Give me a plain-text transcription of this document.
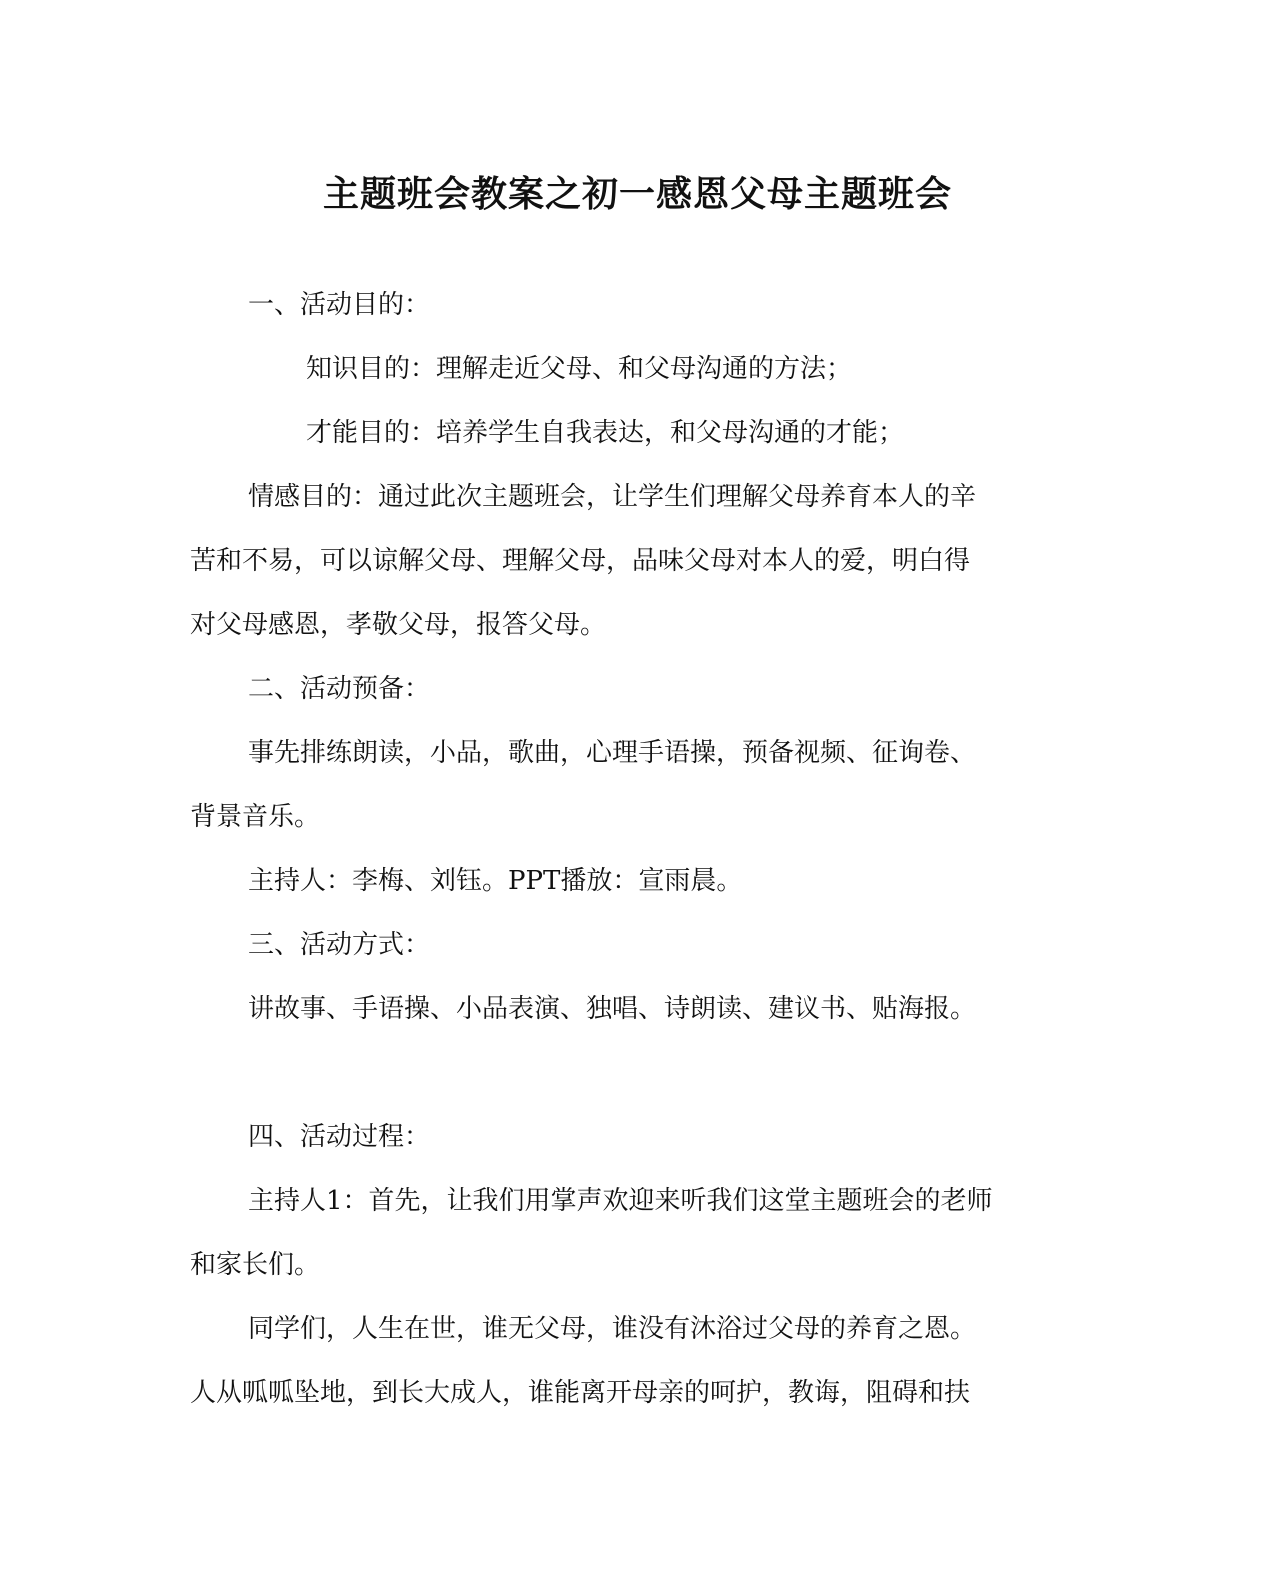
主题班会教案之初一感恩父母主题班会
一、活动目的：
知识目的：理解走近父母、和父母沟通的方法；
才能目的：培养学生自我表达，和父母沟通的才能；
情感目的：通过此次主题班会，让学生们理解父母养育本人的辛
苦和不易，可以谅解父母、理解父母，品味父母对本人的爱，明白得
对父母感恩，孝敬父母，报答父母。
二、活动预备：
事先排练朗读，小品，歌曲，心理手语操，预备视频、征询卷、
背景音乐。
主持人：李梅、刘钰。PPT播放：宣雨晨。
三、活动方式：
讲故事、手语操、小品表演、独唱、诗朗读、建议书、贴海报。
四、活动过程：
主持人1：首先，让我们用掌声欢迎来听我们这堂主题班会的老师
和家长们。
同学们，人生在世，谁无父母，谁没有沐浴过父母的养育之恩。
人从呱呱坠地，到长大成人，谁能离开母亲的呵护，教诲，阻碍和扶
